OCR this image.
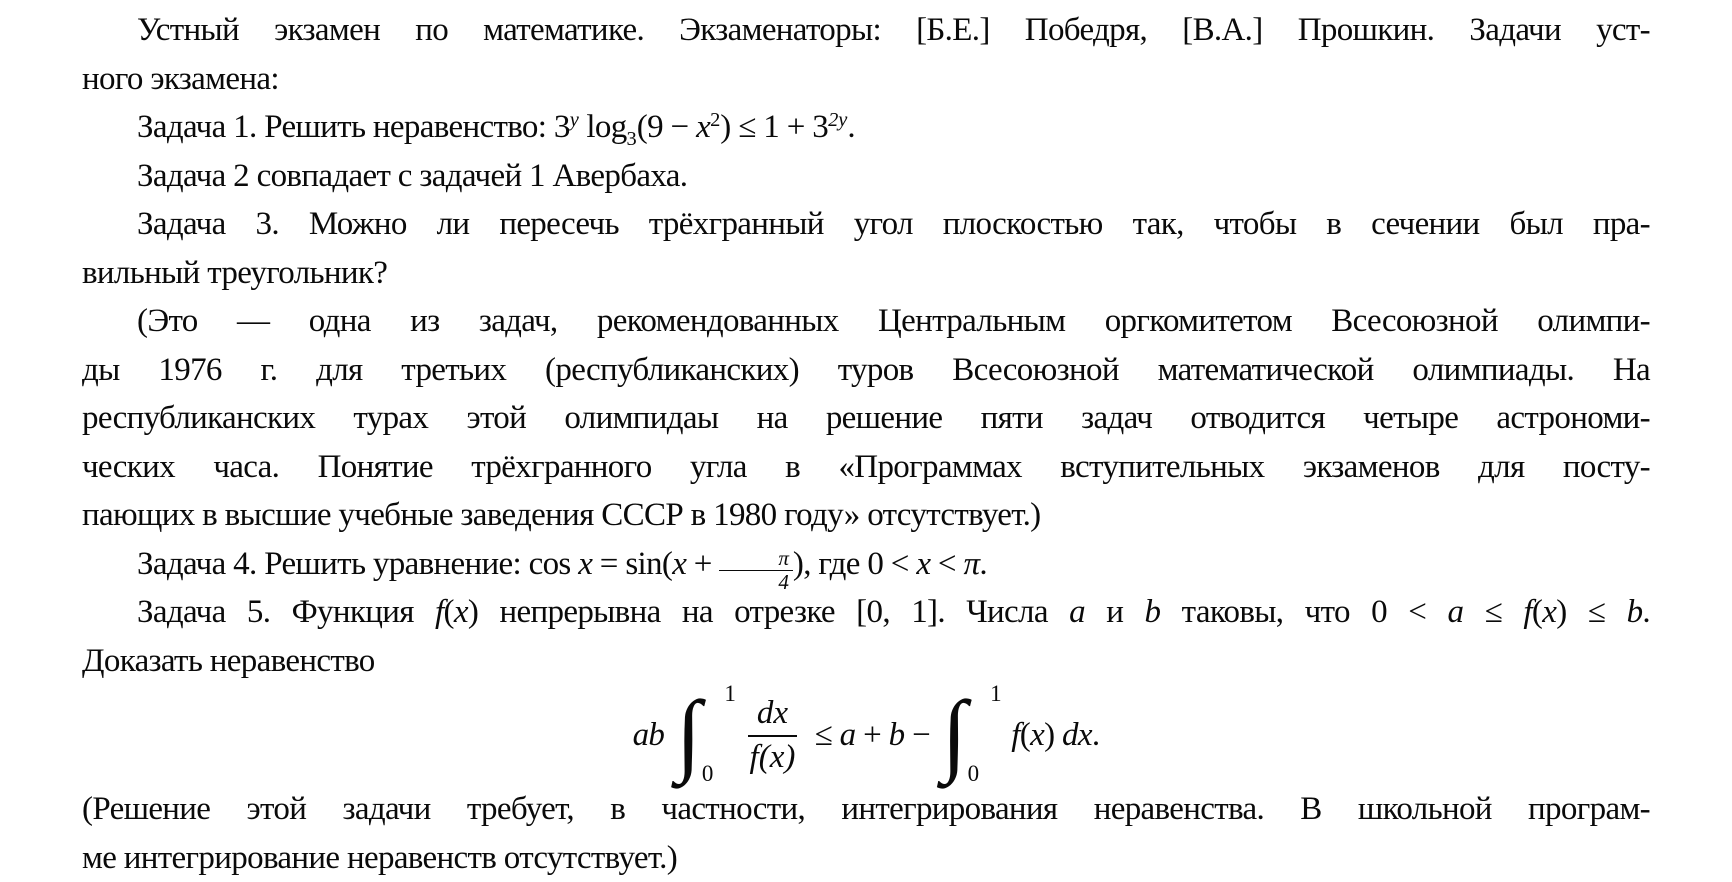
Устный экзамен по математике. Экзаменаторы: [Б.Е.] Победря, [В.А.] Прошкин. Задачи уст-
ного экзамена:
Задача 1. Решить неравенство: 3$^y$ $\log_3(9 - x^2) \le 1 + 3^{2y}$.
Задача 2 совпадает с задачей 1 Авербаха.
Задача 3. Можно ли пересечь трёхгранный угол плоскостью так, чтобы в сечении был пра-
вильный треугольник?
(Это — одна из задач, рекомендованных Центральным оргкомитетом Всесоюзной олимпи-
ды 1976 г. для третьих (республиканских) туров Всесоюзной математической олимпиады. На
республиканских турах этой олимпидаы на решение пяти задач отводится четыре астрономи-
ческих часа. Понятие трёхгранного угла в «Программах вступительных экзаменов для посту-
пающих в высшие учебные заведения СССР в 1980 году» отсутствует.)
Задача 4. Решить уравнение: $\cos x = \sin(x + \frac{\pi}{4}$ ), где 0 < x < π.
Задача 5. Функция f(x) непрерывна на отрезке [0, 1]. Числа a и b таковы, что 0 < a ≤ f(x) ≤ b.
Доказать неравенство
ab ∫ 1
$0 \frac{dx}{f(x)} \le a + b$ − ∫ 1
0
f ( x ) dx .
(Решение этой задачи требует, в частности, интегрирования неравенства. В школьной програм-
ме интегрирование неравенств отсутствует.)
